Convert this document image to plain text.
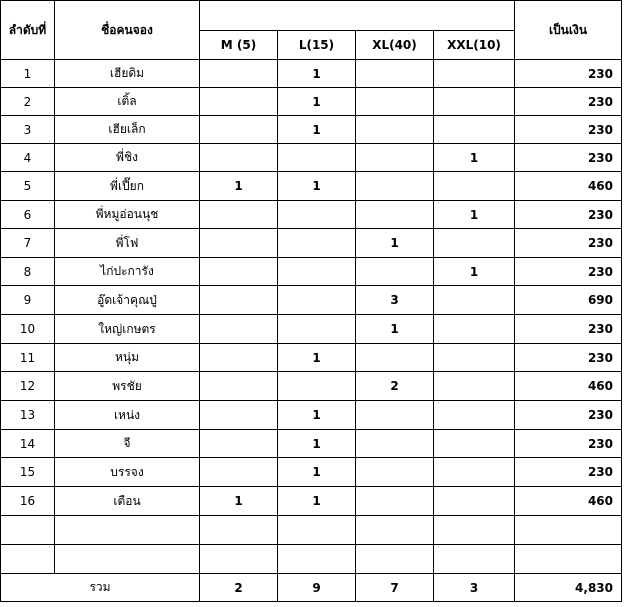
ลำดับที่	ชื่อคนจอง					เป็นเงิน
		M (5)	L(15)	XL(40)	XXL(10)	
1	เฮียดิม		1			230
2	เติ้ล		1			230
3	เฮียเล็ก		1			230
4	พี่ชิง				1	230
5	พี่เปี๊ยก	1	1			460
6	พี่หมูอ่อนนุช				1	230
7	พี่โฟ			1		230
8	ไก่ปะการัง				1	230
9	อู๊ดเจ้าคุณปู่			3		690
10	ใหญ่เกษตร			1		230
11	หนุ่ม		1			230
12	พรชัย			2		460
13	เหน่ง		1			230
14	จี		1			230
15	บรรจง		1			230
16	เตือน	1	1			460

รวม		2	9	7	3	4,830
